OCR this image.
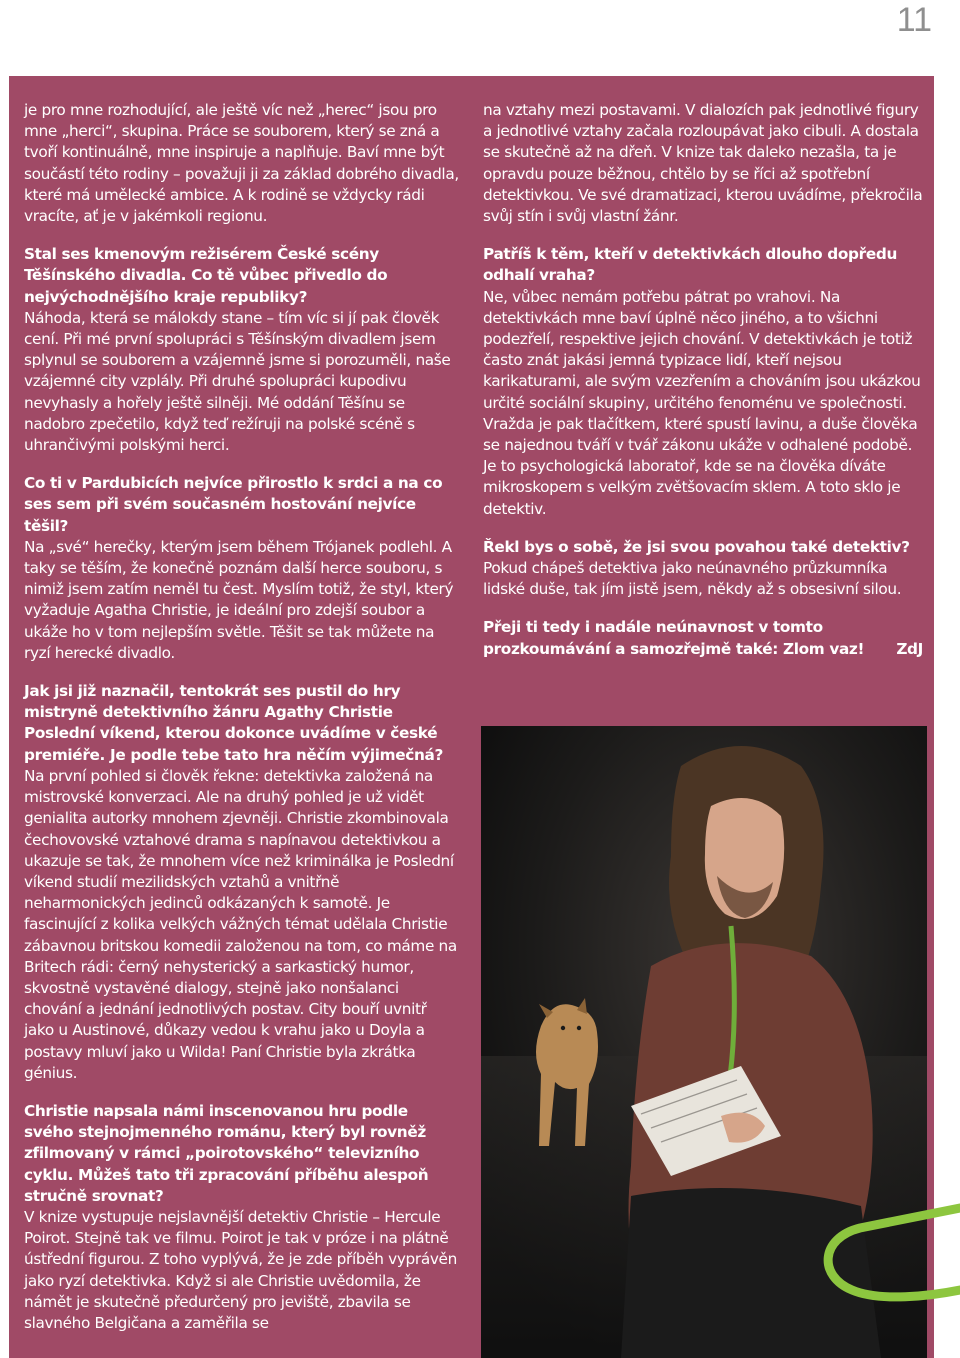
11

je pro mne rozhodující, ale ještě víc než „herec“ jsou pro mne „herci“, skupina. Práce se souborem, který se zná a tvoří kontinuálně, mne inspiruje a naplňuje. Baví mne být součástí této rodiny – považuji ji za základ dobrého divadla, které má umělecké ambice. A k rodině se vždycky rádi vracíte, ať je v jakémkoli regionu.

Stal ses kmenovým režisérem České scény Těšínského divadla. Co tě vůbec přivedlo do nejvýchodnějšího kraje republiky?

Náhoda, která se málokdy stane – tím víc si jí pak člověk cení. Při mé první spolupráci s Těšínským divadlem jsem splynul se souborem a vzájemně jsme si porozuměli, naše vzájemné city vzplály. Při druhé spolupráci kupodivu nevyhasly a hořely ještě silněji. Mé oddání Těšínu se nadobro zpečetilo, když teď režíruji na polské scéně s uhrančivými polskými herci.

Co ti v Pardubicích nejvíce přirostlo k srdci a na co ses sem při svém současném hostování nejvíce těšil?

Na „své“ herečky, kterým jsem během Trójanek podlehl. A taky se těším, že konečně poznám další herce souboru, s nimiž jsem zatím neměl tu čest. Myslím totiž, že styl, který vyžaduje Agatha Christie, je ideální pro zdejší soubor a ukáže ho v tom nejlepším světle. Těšit se tak můžete na ryzí herecké divadlo.

Jak jsi již naznačil, tentokrát ses pustil do hry mistryně detektivního žánru Agathy Christie Poslední víkend, kterou dokonce uvádíme v české premiéře. Je podle tebe tato hra něčím výjimečná?

Na první pohled si člověk řekne: detektivka založená na mistrovské konverzaci. Ale na druhý pohled je už vidět genialita autorky mnohem zjevněji. Christie zkombinovala čechovovské vztahové drama s napínavou detektivkou a ukazuje se tak, že mnohem více než kriminálka je Poslední víkend studií mezilidských vztahů a vnitřně neharmonických jedinců odkázaných k samotě. Je fascinující z kolika velkých vážných témat udělala Christie zábavnou britskou komedii založenou na tom, co máme na Britech rádi: černý nehysterický a sarkastický humor, skvostně vystavěné dialogy, stejně jako nonšalanci chování a jednání jednotlivých postav. City bouří uvnitř jako u Austinové, důkazy vedou k vrahu jako u Doyla a postavy mluví jako u Wilda! Paní Christie byla zkrátka génius.

Christie napsala námi inscenovanou hru podle svého stejnojmenného románu, který byl rovněž zfilmovaný v rámci „poirotovského“ televizního cyklu. Můžeš tato tři zpracování příběhu alespoň stručně srovnat?

V knize vystupuje nejslavnější detektiv Christie – Hercule Poirot. Stejně tak ve filmu. Poirot je tak v próze i na plátně ústřední figurou. Z toho vyplývá, že je zde příběh vyprávěn jako ryzí detektivka. Když si ale Christie uvědomila, že námět je skutečně předurčený pro jeviště, zbavila se slavného Belgičana a zaměřila se

na vztahy mezi postavami. V dialozích pak jednotlivé figury a jednotlivé vztahy začala rozloupávat jako cibuli. A dostala se skutečně až na dřeň. V knize tak daleko nezašla, ta je opravdu pouze běžnou, chtělo by se říci až spotřební detektivkou. Ve své dramatizaci, kterou uvádíme, překročila svůj stín i svůj vlastní žánr.

Patříš k těm, kteří v detektivkách dlouho dopředu odhalí vraha?

Ne, vůbec nemám potřebu pátrat po vrahovi. Na detektivkách mne baví úplně něco jiného, a to všichni podezřelí, respektive jejich chování. V detektivkách je totiž často znát jakási jemná typizace lidí, kteří nejsou karikaturami, ale svým vzezřením a chováním jsou ukázkou určité sociální skupiny, určitého fenoménu ve společnosti. Vražda je pak tlačítkem, které spustí lavinu, a duše člověka se najednou tváří v tvář zákonu ukáže v odhalené podobě. Je to psychologická laboratoř, kde se na člověka díváte mikroskopem s velkým zvětšovacím sklem. A toto sklo je detektiv.

Řekl bys o sobě, že jsi svou povahou také detektiv?

Pokud chápeš detektiva jako neúnavného průzkumníka lidské duše, tak jím jistě jsem, někdy až s obsesivní silou.

Přeji ti tedy i nadále neúnavnost v tomto prozkoumávání a samozřejmě také: Zlom vaz! ZdJ
